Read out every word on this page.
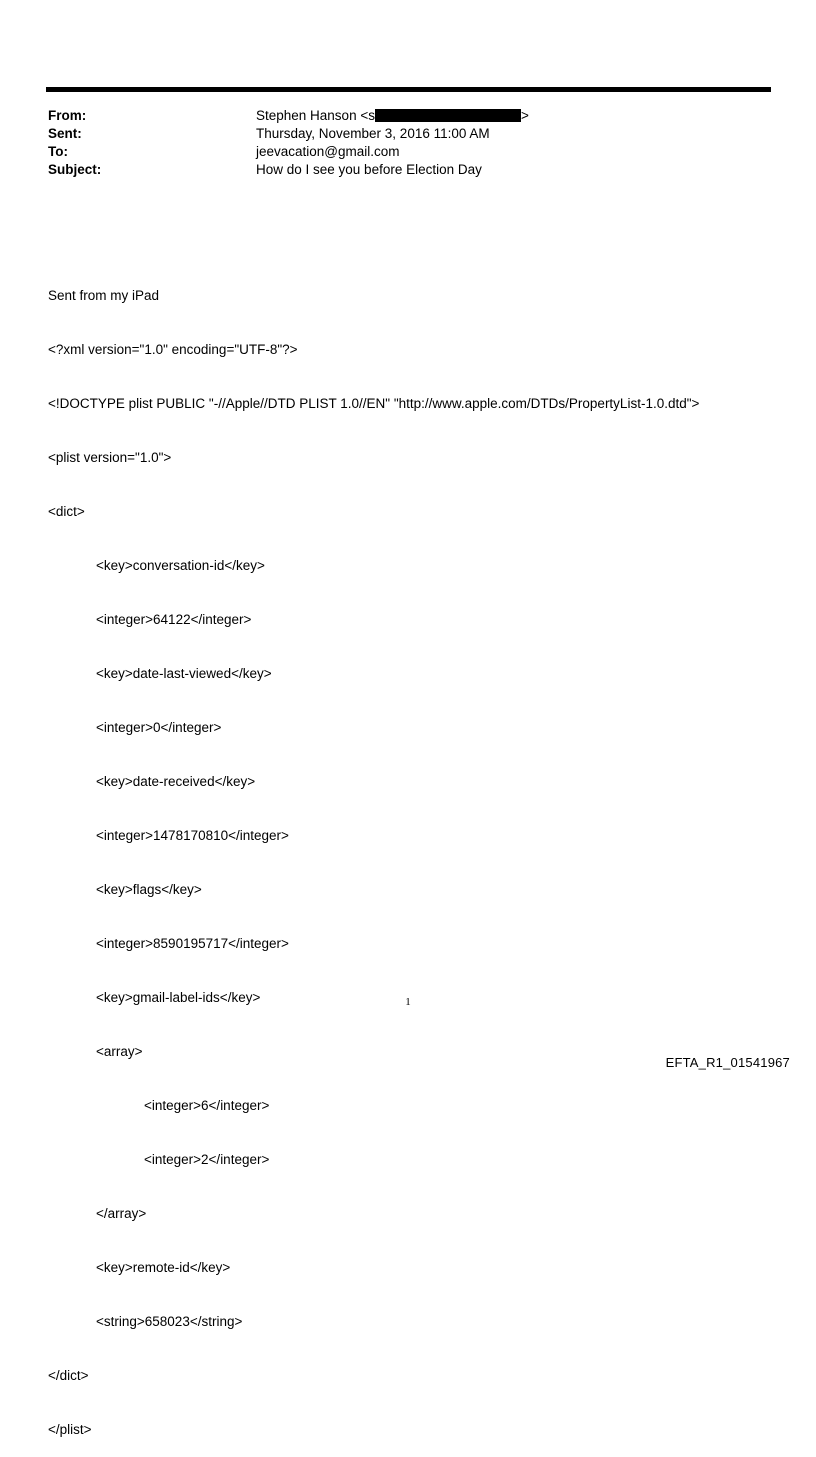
From:	Stephen Hanson <s	>
Sent:	Thursday, November 3, 2016 11:00 AM
To:	jeevacation@gmail.com
Subject:	How do I see you before Election Day

Sent from my iPad

<?xml version="1.0" encoding="UTF-8"?>

<!DOCTYPE plist PUBLIC "-//Apple//DTD PLIST 1.0//EN" "http://www.apple.com/DTDs/PropertyList-1.0.dtd">

<plist version="1.0">

<dict>

<key>conversation-id</key>

<integer>64122</integer>

<key>date-last-viewed</key>

<integer>0</integer>

<key>date-received</key>

<integer>1478170810</integer>

<key>flags</key>

<integer>8590195717</integer>

<key>gmail-label-ids</key>

<array>

<integer>6</integer>

<integer>2</integer>

</array>

<key>remote-id</key>

<string>658023</string>

</dict>

</plist>

1
EFTA_R1_01541967
